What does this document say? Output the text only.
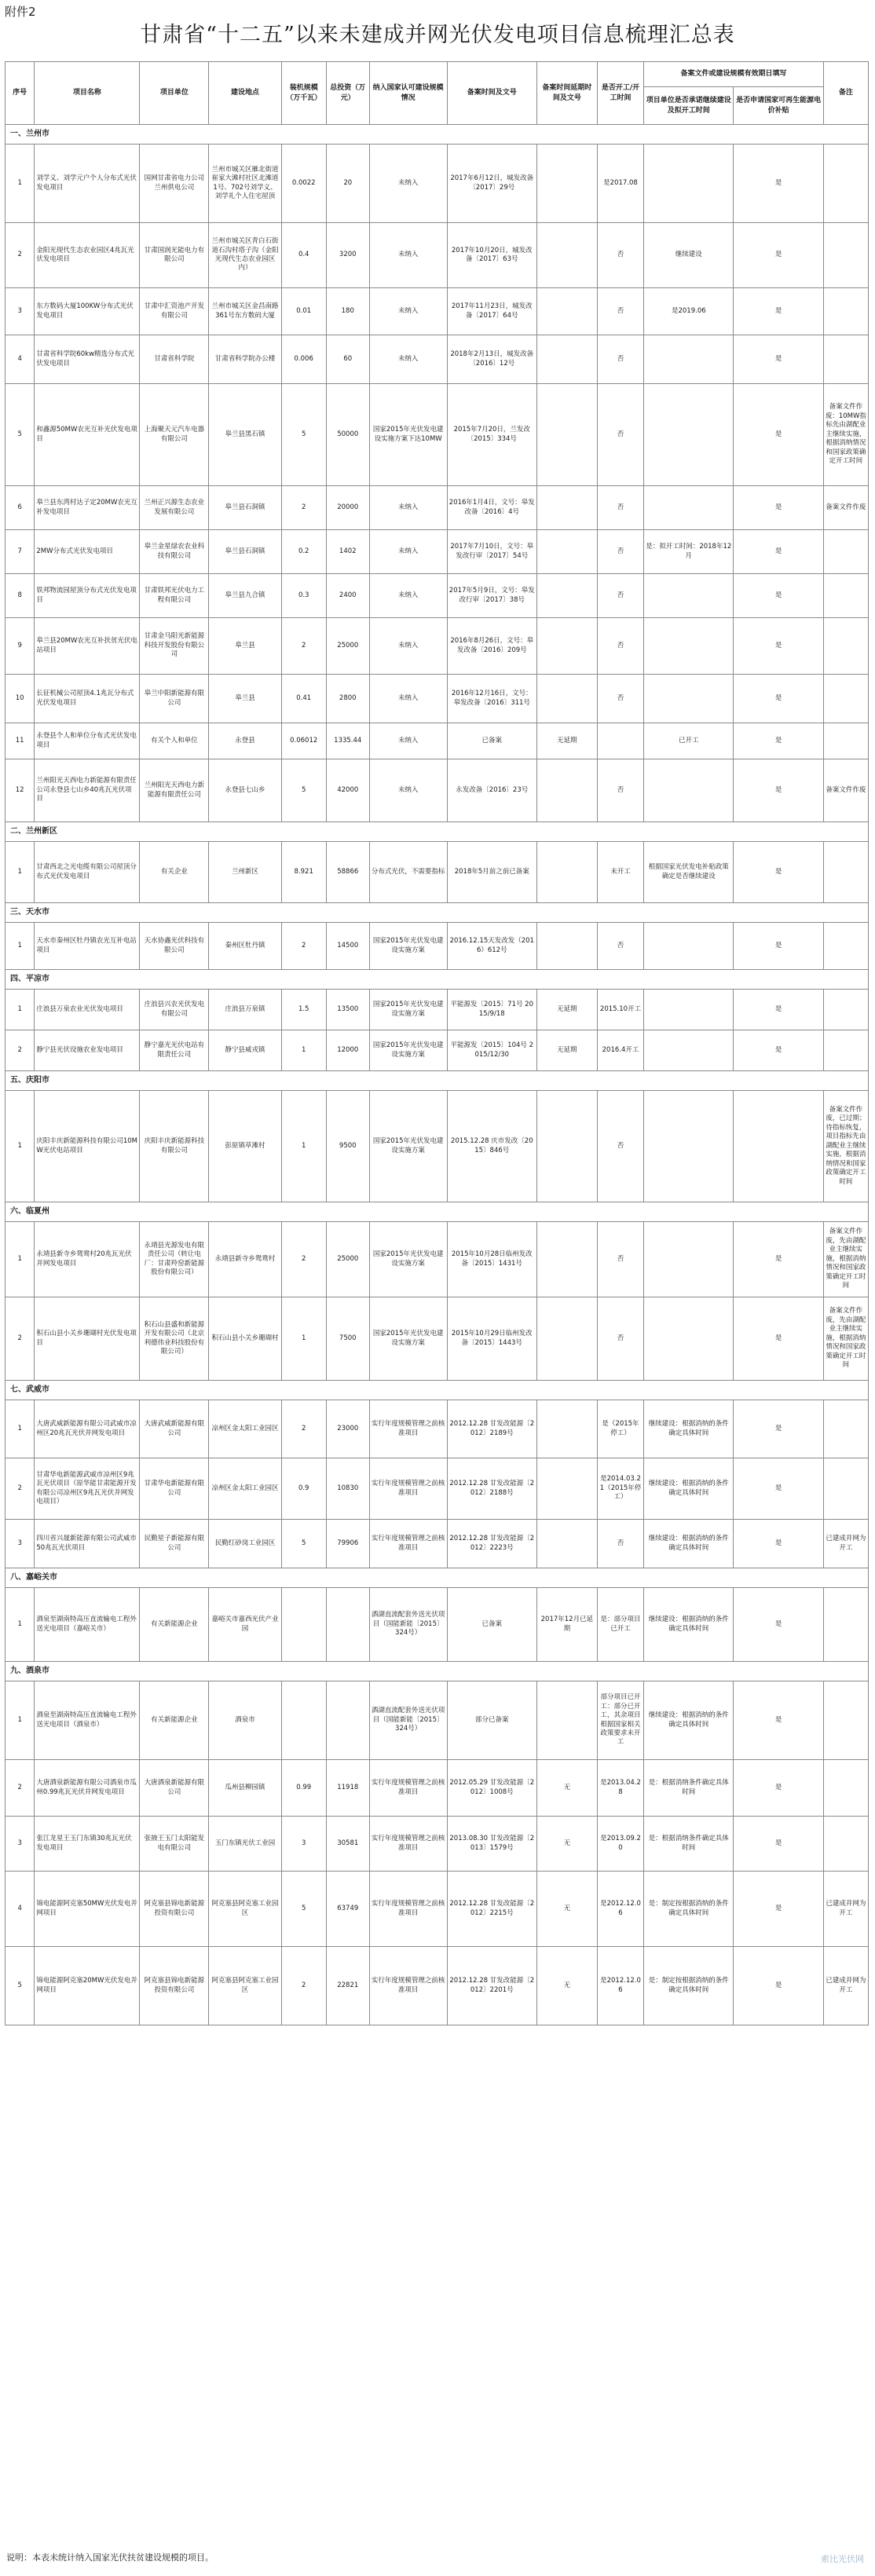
附件2
甘肃省“十二五”以来未建成并网光伏发电项目信息梳理汇总表
序号	项目名称	项目单位	建设地点	装机规模（万千瓦）	总投资（万元）	纳入国家认可建设规模情况	备案时间及文号	备案时间延期时间及文号	是否开工/开工时间	备案文件或建设规模有效期日填写		备注
										项目单位是否承诺继续建设及拟开工时间	是否申请国家可再生能源电价补贴	
一、兰州市												
1	刘学义、刘学元户个人分布式光伏发电项目	国网甘肃省电力公司兰州供电公司	兰州市城关区雁北街道崔家大滩村社区北滩道1号、702号刘学义、刘学礼个人住宅屋顶	0.0022	20	未纳入	2017年6月12日，城发改备〔2017〕29号		是2017.08		是	
2	金阳光现代生态农业园区4兆瓦光伏发电项目	甘肃国润光能电力有限公司	兰州市城关区青白石街道石沟村塔子沟（金阳光现代生态农业园区内）	0.4	3200	未纳入	2017年10月20日，城发改备〔2017〕63号		否	继续建设	是	
3	东方数码大厦100KW分布式光伏发电项目	甘肃中汇资池产开发有限公司	兰州市城关区金昌南路361号东方数码大厦	0.01	180	未纳入	2017年11月23日，城发改备〔2017〕64号		否	是2019.06	是	
4	甘肃省科学院60kw精选分布式光伏发电项目	甘肃省科学院	甘肃省科学院办公楼	0.006	60	未纳入	2018年2月13日，城发改备〔2016〕12号		否		是	
5	和鑫源50MW农光互补光伏发电项目	上海聚天元汽车电器有限公司	皋兰县黑石镇	5	50000	国家2015年光伏发电建设实施方案下达10MW	2015年7月20日，兰发改〔2015〕334号		否		是	备案文件作废：10MW指标先由湖配业主继续实施，根据消纳情况和国家政策确定开工时间
6	皋兰县东湾村达子定20MW农光互补发电项目	兰州正兴源生态农业发展有限公司	皋兰县石洞镇	2	20000	未纳入	2016年1月4日，文号：皋发改备〔2016〕4号		否		是	备案文件作废
7	2MW分布式光伏发电项目	皋兰金星绿农农业科技有限公司	皋兰县石洞镇	0.2	1402	未纳入	2017年7月10日，文号：皋发改行审〔2017〕54号		否	是：拟开工时间：2018年12月	是	
8	铁邦物流园屋顶分布式光伏发电项目	甘肃铁邦光伏电力工程有限公司	皋兰县九合镇	0.3	2400	未纳入	2017年5月9日，文号：皋发改行审〔2017〕38号		否		是	
9	皋兰县20MW农光互补扶贫光伏电站项目	甘肃金马阳光新能源科技开发股份有限公司	皋兰县	2	25000	未纳入	2016年8月26日，文号：皋发改备〔2016〕209号		否		是	
10	长征机械公司屋顶4.1兆瓦分布式光伏发电项目	皋兰中阳新能源有限公司	皋兰县	0.41	2800	未纳入	2016年12月16日，文号：皋发改备〔2016〕311号		否		是	
11	永登县个人和单位分布式光伏发电项目	有关个人和单位	永登县	0.06012	1335.44	未纳入	已备案	无延期		已开工	是	
12	兰州阳光天西电力新能源有限责任公司永登县七山乡40兆瓦光伏项目	兰州阳光天西电力新能源有限责任公司	永登县七山乡	5	42000	未纳入	永发改备〔2016〕23号		否		是	备案文件作废
二、兰州新区												
1	甘肃西北之光电缆有限公司屋顶分布式光伏发电项目	有关企业	兰州新区	8.921	58866	分布式光伏，不需要指标	2018年5月前之前已备案		未开工	根据国家光伏发电补贴政策确定是否继续建设	是	
三、天水市												
1	天水市秦州区牡丹镇农光互补电站项目	天水协鑫光伏科技有限公司	秦州区牡丹镇	2	14500	国家2015年光伏发电建设实施方案	2016.12.15天发改发（2016）612号		否		是	
四、平凉市												
1	庄浪县万泉农业光伏发电项目	庄浪县兴农光伏发电有限公司	庄浪县万泉镇	1.5	13500	国家2015年光伏发电建设实施方案	平能源发〔2015〕71号 2015/9/18	无延期	2015.10开工		是	
2	静宁县光伏设施农业发电项目	静宁嘉光光伏电站有限责任公司	静宁县威戎镇	1	12000	国家2015年光伏发电建设实施方案	平能源发〔2015〕104号 2015/12/30	无延期	2016.4开工		是	
五、庆阳市												
1	庆阳丰庆新能源科技有限公司10MW光伏电站项目	庆阳丰庆新能源科技有限公司	彭原镇草滩村	1	9500	国家2015年光伏发电建设实施方案	2015.12.28 庆市发改〔2015〕846号		否			备案文件作废，已过期；待指标恢复，项目指标先由湖配业主继续实施，根据消纳情况和国家政策确定开工时间
六、临夏州												
1	永靖县新寺乡鸳鸯村20兆瓦光伏并网发电项目	永靖县光源发电有限责任公司（转让电厂：甘肃羚窑新能源股份有限公司）	永靖县新寺乡鸳鸯村	2	25000	国家2015年光伏发电建设实施方案	2015年10月28日临州发改备〔2015〕1431号		否		是	备案文件作废，先由湖配业主继续实施，根据消纳情况和国家政策确定开工时间
2	积石山县小关乡珊瑚村光伏发电项目	积石山县盛和新能源开发有限公司（北京利德伟业科技股份有限公司）	积石山县小关乡珊瑚村	1	7500	国家2015年光伏发电建设实施方案	2015年10月29日临州发改备〔2015〕1443号		否		是	备案文件作废，先由湖配业主继续实施，根据消纳情况和国家政策确定开工时间
七、武威市												
1	大唐武威新能源有限公司武威市凉州区20兆瓦光伏并网发电项目	大唐武威新能源有限公司	凉州区金太阳工业园区	2	23000	实行年度规模管理之前核准项目	2012.12.28 甘发改能源〔2012〕2189号		是（2015年停工）	继续建设：根据消纳的条件确定具体时间	是	
2	甘肃华电新能源武威市凉州区9兆瓦光伏项目（原华能甘肃能源开发有限公司凉州区9兆瓦光伏并网发电项目）	甘肃华电新能源有限公司	凉州区金太阳工业园区	0.9	10830	实行年度规模管理之前核准项目	2012.12.28 甘发改能源〔2012〕2188号		是2014.03.21（2015年停工）	继续建设：根据消纳的条件确定具体时间	是	
3	四川省兴晟新能源有限公司武威市50兆瓦光伏项目	民勤星子新能源有限公司	民勤红砂岗工业园区	5	79906	实行年度规模管理之前核准项目	2012.12.28 甘发改能源〔2012〕2223号		否	继续建设：根据消纳的条件确定具体时间	是	已建成并网为开工
八、嘉峪关市												
1	酒泉至湖南特高压直流输电工程外送光电项目（嘉峪关市）	有关新能源企业	嘉峪关市嘉西光伏产业园			酒湖直流配套外送光伏项目（国能新能〔2015〕324号）	已备案	2017年12月已延期	是：部分项目已开工	继续建设：根据消纳的条件确定具体时间	是	
九、酒泉市												
1	酒泉至湖南特高压直流输电工程外送光电项目（酒泉市）	有关新能源企业	酒泉市			酒湖直流配套外送光伏项目（国能新能〔2015〕324号）	部分已备案		部分项目已开工：部分已开工，其余项目根据国家相关政策要求未开工	继续建设：根据消纳的条件确定具体时间	是	
2	大唐酒泉新能源有限公司酒泉市瓜州0.99兆瓦光伏并网发电项目	大唐酒泉新能源有限公司	瓜州县柳园镇	0.99	11918	实行年度规模管理之前核准项目	2012.05.29 甘发改能源〔2012〕1008号	无	是2013.04.28	是：根据消纳条件确定具体时间	是	
3	张江龙星王玉门东镇30兆瓦光伏发电项目	张掖王玉门太阳能发电有限公司	玉门东镇光伏工业园	3	30581	实行年度规模管理之前核准项目	2013.08.30 甘发改能源〔2013〕1579号	无	是2013.09.20	是：根据消纳条件确定具体时间	是	
4	锦电能源阿克塞50MW光伏发电并网项目	阿克塞县锦电新能源投资有限公司	阿克塞县阿克塞工业园区	5	63749	实行年度规模管理之前核准项目	2012.12.28 甘发改能源〔2012〕2215号	无	是2012.12.06	是：制定按根据消纳的条件确定具体时间	是	已建成并网为开工
5	锦电能源阿克塞20MW光伏发电并网项目	阿克塞县锦电新能源投资有限公司	阿克塞县阿克塞工业园区	2	22821	实行年度规模管理之前核准项目	2012.12.28 甘发改能源〔2012〕2201号	无	是2012.12.06	是：制定按根据消纳的条件确定具体时间	是	已建成并网为开工
说明：本表未统计纳入国家光伏扶贫建设规模的项目。	索比光伏网
